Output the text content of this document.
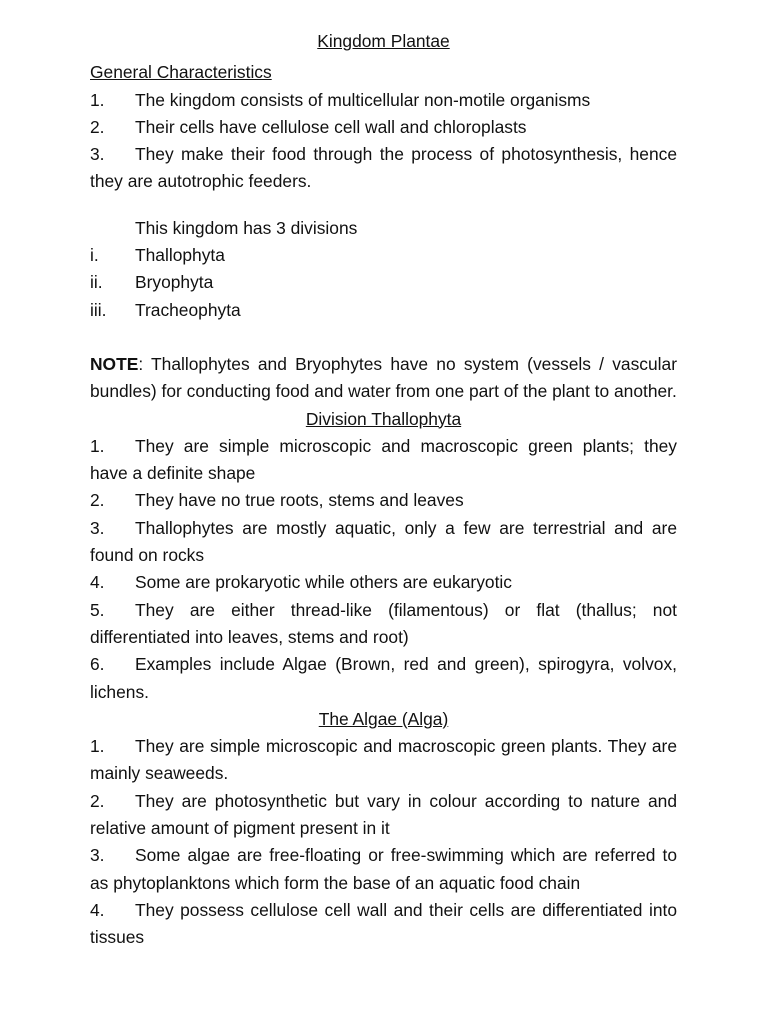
Kingdom Plantae

General Characteristics

1.	The kingdom consists of multicellular non-motile organisms

2.	Their cells have cellulose cell wall and chloroplasts

3. They make their food through the process of photosynthesis, hence they are autotrophic feeders.

This kingdom has 3 divisions

i.	Thallophyta

ii.	Bryophyta

iii.	Tracheophyta

NOTE: Thallophytes and Bryophytes have no system (vessels / vascular bundles) for conducting food and water from one part of the plant to another.

Division Thallophyta

1. They are simple microscopic and macroscopic green plants; they have a definite shape

2.	They have no true roots, stems and leaves

3. Thallophytes are mostly aquatic, only a few are terrestrial and are found on rocks

4.	Some are prokaryotic while others are eukaryotic

5. They are either thread-like (filamentous) or flat (thallus; not differentiated into leaves, stems and root)

6. Examples include Algae (Brown, red and green), spirogyra, volvox, lichens.

The Algae (Alga)

1. They are simple microscopic and macroscopic green plants. They are mainly seaweeds.

2. They are photosynthetic but vary in colour according to nature and relative amount of pigment present in it

3. Some algae are free-floating or free-swimming which are referred to as phytoplanktons which form the base of an aquatic food chain

4. They possess cellulose cell wall and their cells are differentiated into tissues
